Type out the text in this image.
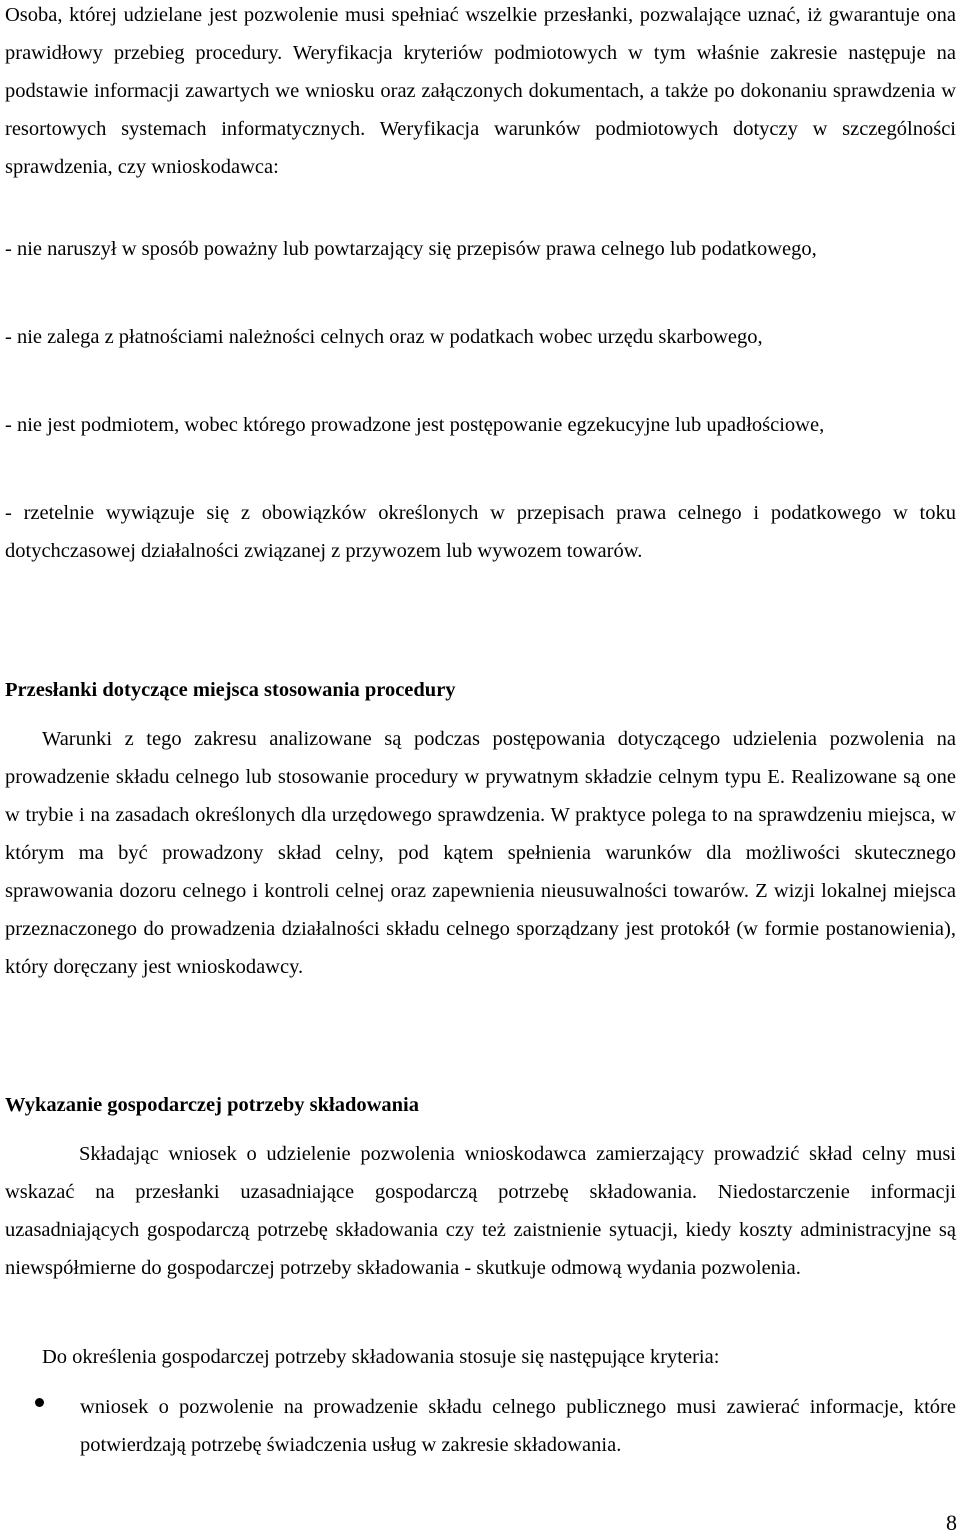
Osoba, której udzielane jest pozwolenie musi spełniać wszelkie przesłanki, pozwalające uznać, iż gwarantuje ona prawidłowy przebieg procedury. Weryfikacja kryteriów podmiotowych w tym właśnie zakresie następuje na podstawie informacji zawartych we wniosku oraz załączonych dokumentach, a także po dokonaniu sprawdzenia w resortowych systemach informatycznych. Weryfikacja warunków podmiotowych dotyczy w szczególności sprawdzenia, czy wnioskodawca:

- nie naruszył w sposób poważny lub powtarzający się przepisów prawa celnego lub podatkowego,

- nie zalega z płatnościami należności celnych oraz w podatkach wobec urzędu skarbowego,

- nie jest podmiotem, wobec którego prowadzone jest postępowanie egzekucyjne lub upadłościowe,

- rzetelnie wywiązuje się z obowiązków określonych w przepisach prawa celnego i podatkowego w toku dotychczasowej działalności związanej z przywozem lub wywozem towarów.

Przesłanki dotyczące miejsca stosowania procedury

Warunki z tego zakresu analizowane są podczas postępowania dotyczącego udzielenia pozwolenia na prowadzenie składu celnego lub stosowanie procedury w prywatnym składzie celnym typu E. Realizowane są one w trybie i na zasadach określonych dla urzędowego sprawdzenia. W praktyce polega to na sprawdzeniu miejsca, w którym ma być prowadzony skład celny, pod kątem spełnienia warunków dla możliwości skutecznego sprawowania dozoru celnego i kontroli celnej oraz zapewnienia nieusuwalności towarów. Z wizji lokalnej miejsca przeznaczonego do prowadzenia działalności składu celnego sporządzany jest protokół (w formie postanowienia), który doręczany jest wnioskodawcy.

Wykazanie gospodarczej potrzeby składowania

Składając wniosek o udzielenie pozwolenia wnioskodawca zamierzający prowadzić skład celny musi wskazać na przesłanki uzasadniające gospodarczą potrzebę składowania. Niedostarczenie informacji uzasadniających gospodarczą potrzebę składowania czy też zaistnienie sytuacji, kiedy koszty administracyjne są niewspółmierne do gospodarczej potrzeby składowania - skutkuje odmową wydania pozwolenia.

Do określenia gospodarczej potrzeby składowania stosuje się następujące kryteria:

wniosek o pozwolenie na prowadzenie składu celnego publicznego musi zawierać informacje, które potwierdzają potrzebę świadczenia usług w zakresie składowania.
8
